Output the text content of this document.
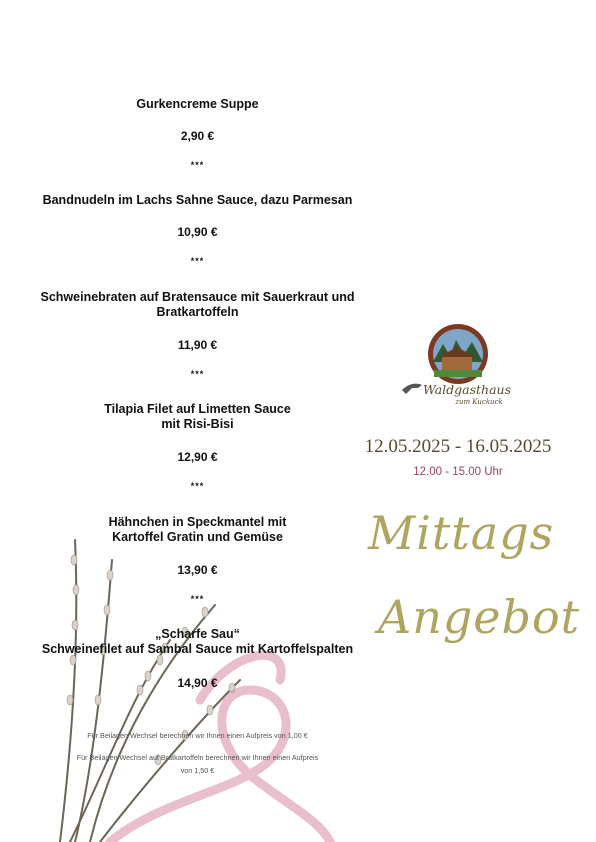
Gurkencreme Suppe
2,90 €
***
Bandnudeln im Lachs Sahne Sauce, dazu Parmesan
10,90 €
***
Schweinebraten auf Bratensauce mit Sauerkraut und
Bratkartoffeln
11,90 €
***
Tilapia Filet auf Limetten Sauce
mit Risi-Bisi
12,90 €
***
Hähnchen in Speckmantel mit
Kartoffel Gratin und Gemüse
13,90 €
***
„Scharfe Sau“
Schweinefilet auf Sambal Sauce mit Kartoffelspalten
14,90 €
Für Beilagen Wechsel berechnen wir Ihnen einen Aufpreis von 1,00 €
Für Beilagen Wechsel auf Bratkartoffeln berechnen wir Ihnen einen Aufpreis
von 1,50 €
Waldgasthaus
zum Kuckuck
12.05.2025 - 16.05.2025
12.00 - 15.00 Uhr
Mittags
Angebot
